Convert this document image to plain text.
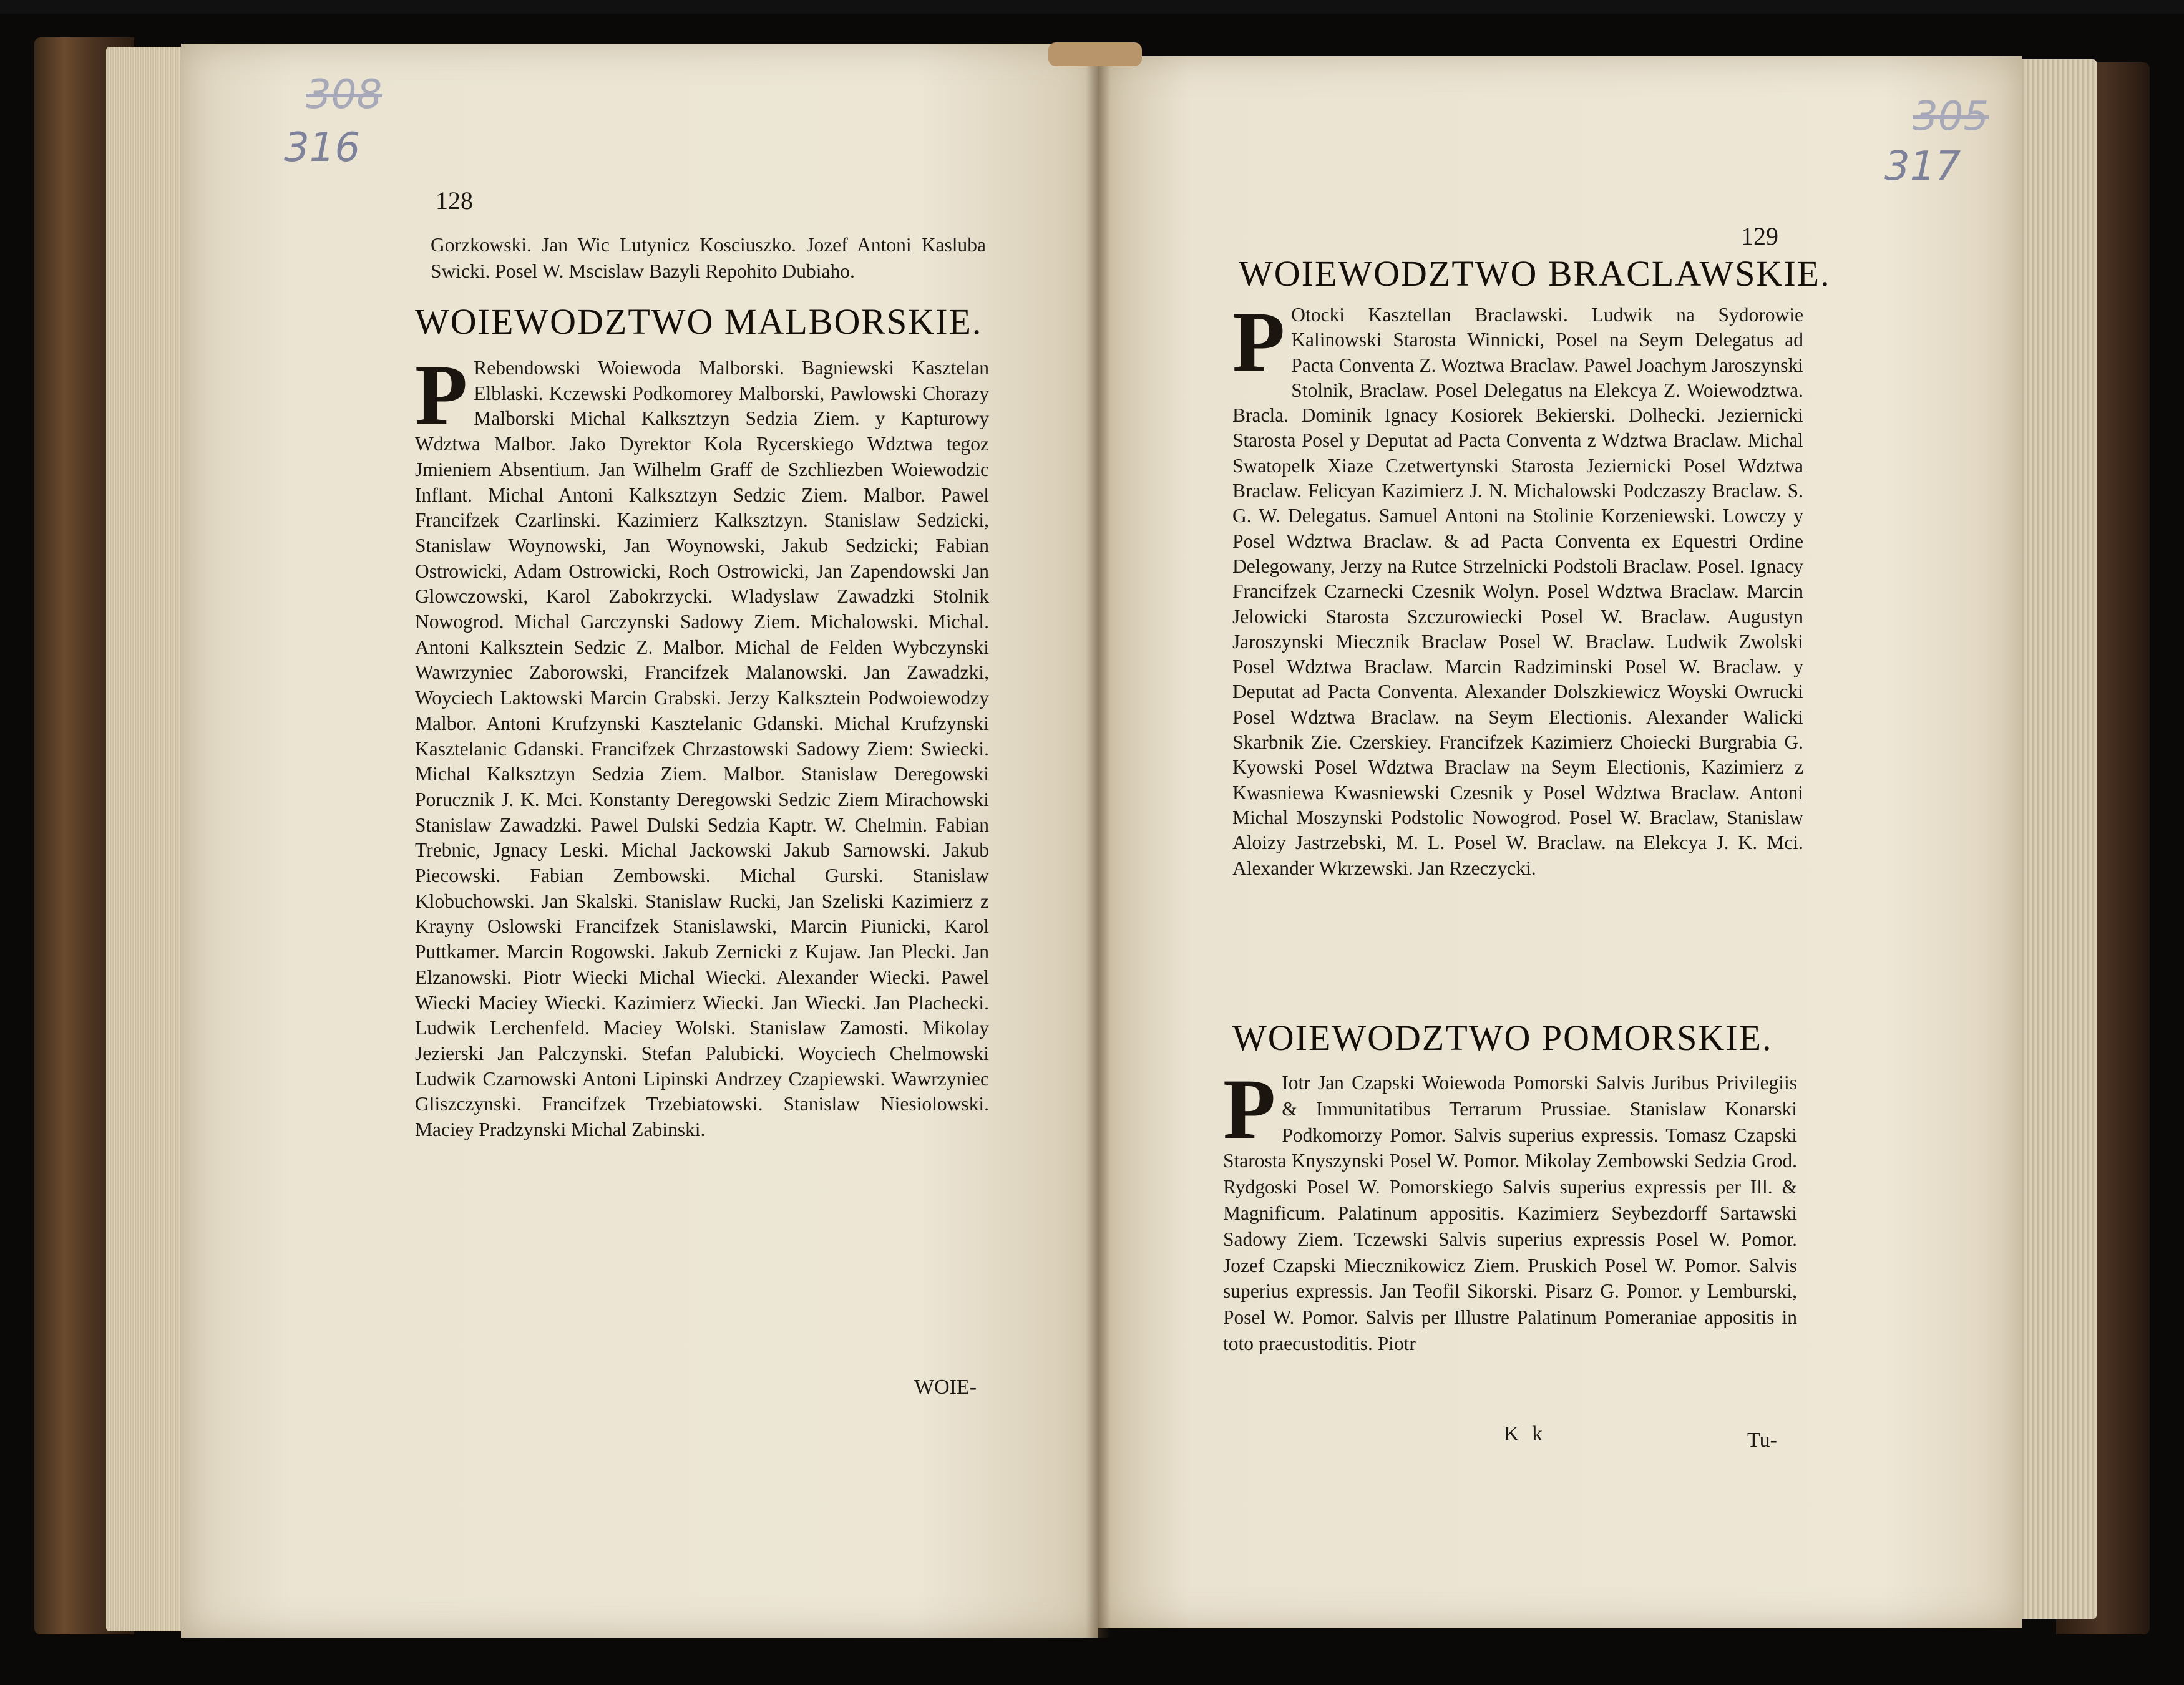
308
316
305
317
128
Gorzkowski. Jan Wic Lutynicz Kosciuszko. Jozef Antoni Kasluba Swicki. Posel W. Mscislaw Bazyli Repohito Dubiaho.
WOIEWODZTWO MALBORSKIE.
P Rebendowski Woiewoda Malborski. Bagniewski Kasztelan Elblaski. Kczewski Podkomorey Malborski, Pawlowski Chorazy Malborski Michal Kalksztzyn Sedzia Ziem. y Kapturowy Wdztwa Malbor. Jako Dyrektor Kola Rycerskiego Wdztwa tegoz Jmieniem Absentium. Jan Wilhelm Graff de Szchliezben Woiewodzic Inflant. Michal Antoni Kalksztzyn Sedzic Ziem. Malbor. Pawel Francifzek Czarlinski. Kazimierz Kalksztzyn. Stanislaw Sedzicki, Stanislaw Woynowski, Jan Woynowski, Jakub Sedzicki; Fabian Ostrowicki, Adam Ostrowicki, Roch Ostrowicki, Jan Zapendowski Jan Glowczowski, Karol Zabokrzycki. Wladyslaw Zawadzki Stolnik Nowogrod. Michal Garczynski Sadowy Ziem. Michalowski. Michal. Antoni Kalksztein Sedzic Z. Malbor. Michal de Felden Wybczynski Wawrzyniec Zaborowski, Francifzek Malanowski. Jan Zawadzki, Woyciech Laktowski Marcin Grabski. Jerzy Kalksztein Podwoiewodzy Malbor. Antoni Krufzynski Kasztelanic Gdanski. Michal Krufzynski Kasztelanic Gdanski. Francifzek Chrzastowski Sadowy Ziem: Swiecki. Michal Kalksztzyn Sedzia Ziem. Malbor. Stanislaw Deregowski Porucznik J. K. Mci. Konstanty Deregowski Sedzic Ziem Mirachowski Stanislaw Zawadzki. Pawel Dulski Sedzia Kaptr. W. Chelmin. Fabian Trebnic, Jgnacy Leski. Michal Jackowski Jakub Sarnowski. Jakub Piecowski. Fabian Zembowski. Michal Gurski. Stanislaw Klobuchowski. Jan Skalski. Stanislaw Rucki, Jan Szeliski Kazimierz z Krayny Oslowski Francifzek Stanislawski, Marcin Piunicki, Karol Puttkamer. Marcin Rogowski. Jakub Zernicki z Kujaw. Jan Plecki. Jan Elzanowski. Piotr Wiecki Michal Wiecki. Alexander Wiecki. Pawel Wiecki Maciey Wiecki. Kazimierz Wiecki. Jan Wiecki. Jan Plachecki. Ludwik Lerchenfeld. Maciey Wolski. Stanislaw Zamosti. Mikolay Jezierski Jan Palczynski. Stefan Palubicki. Woyciech Chelmowski Ludwik Czarnowski Antoni Lipinski Andrzey Czapiewski. Wawrzyniec Gliszczynski. Francifzek Trzebiatowski. Stanislaw Niesiolowski. Maciey Pradzynski Michal Zabinski.
WOIE-
129
WOIEWODZTWO BRACLAWSKIE.
P Otocki Kasztellan Braclawski. Ludwik na Sydorowie Kalinowski Starosta Winnicki, Posel na Seym Delegatus ad Pacta Conventa Z. Woztwa Braclaw. Pawel Joachym Jaroszynski Stolnik, Braclaw. Posel Delegatus na Elekcya Z. Woiewodztwa. Bracla. Dominik Ignacy Kosiorek Bekierski. Dolhecki. Jeziernicki Starosta Posel y Deputat ad Pacta Conventa z Wdztwa Braclaw. Michal Swatopelk Xiaze Czetwertynski Starosta Jeziernicki Posel Wdztwa Braclaw. Felicyan Kazimierz J. N. Michalowski Podczaszy Braclaw. S. G. W. Delegatus. Samuel Antoni na Stolinie Korzeniewski. Lowczy y Posel Wdztwa Braclaw. & ad Pacta Conventa ex Equestri Ordine Delegowany, Jerzy na Rutce Strzelnicki Podstoli Braclaw. Posel. Ignacy Francifzek Czarnecki Czesnik Wolyn. Posel Wdztwa Braclaw. Marcin Jelowicki Starosta Szczurowiecki Posel W. Braclaw. Augustyn Jaroszynski Miecznik Braclaw Posel W. Braclaw. Ludwik Zwolski Posel Wdztwa Braclaw. Marcin Radziminski Posel W. Braclaw. y Deputat ad Pacta Conventa. Alexander Dolszkiewicz Woyski Owrucki Posel Wdztwa Braclaw. na Seym Electionis. Alexander Walicki Skarbnik Zie. Czerskiey. Francifzek Kazimierz Choiecki Burgrabia G. Kyowski Posel Wdztwa Braclaw na Seym Electionis, Kazimierz z Kwasniewa Kwasniewski Czesnik y Posel Wdztwa Braclaw. Antoni Michal Moszynski Podstolic Nowogrod. Posel W. Braclaw, Stanislaw Aloizy Jastrzebski, M. L. Posel W. Braclaw. na Elekcya J. K. Mci. Alexander Wkrzewski. Jan Rzeczycki.
WOIEWODZTWO POMORSKIE.
P Iotr Jan Czapski Woiewoda Pomorski Salvis Juribus Privilegiis & Immunitatibus Terrarum Prussiae. Stanislaw Konarski Podkomorzy Pomor. Salvis superius expressis. Tomasz Czapski Starosta Knyszynski Posel W. Pomor. Mikolay Zembowski Sedzia Grod. Rydgoski Posel W. Pomorskiego Salvis superius expressis per Ill. & Magnificum. Palatinum appositis. Kazimierz Seybezdorff Sartawski Sadowy Ziem. Tczewski Salvis superius expressis Posel W. Pomor. Jozef Czapski Miecznikowicz Ziem. Pruskich Posel W. Pomor. Salvis superius expressis. Jan Teofil Sikorski. Pisarz G. Pomor. y Lemburski, Posel W. Pomor. Salvis per Illustre Palatinum Pomeraniae appositis in toto praecustoditis. Piotr
K k	Tu-
